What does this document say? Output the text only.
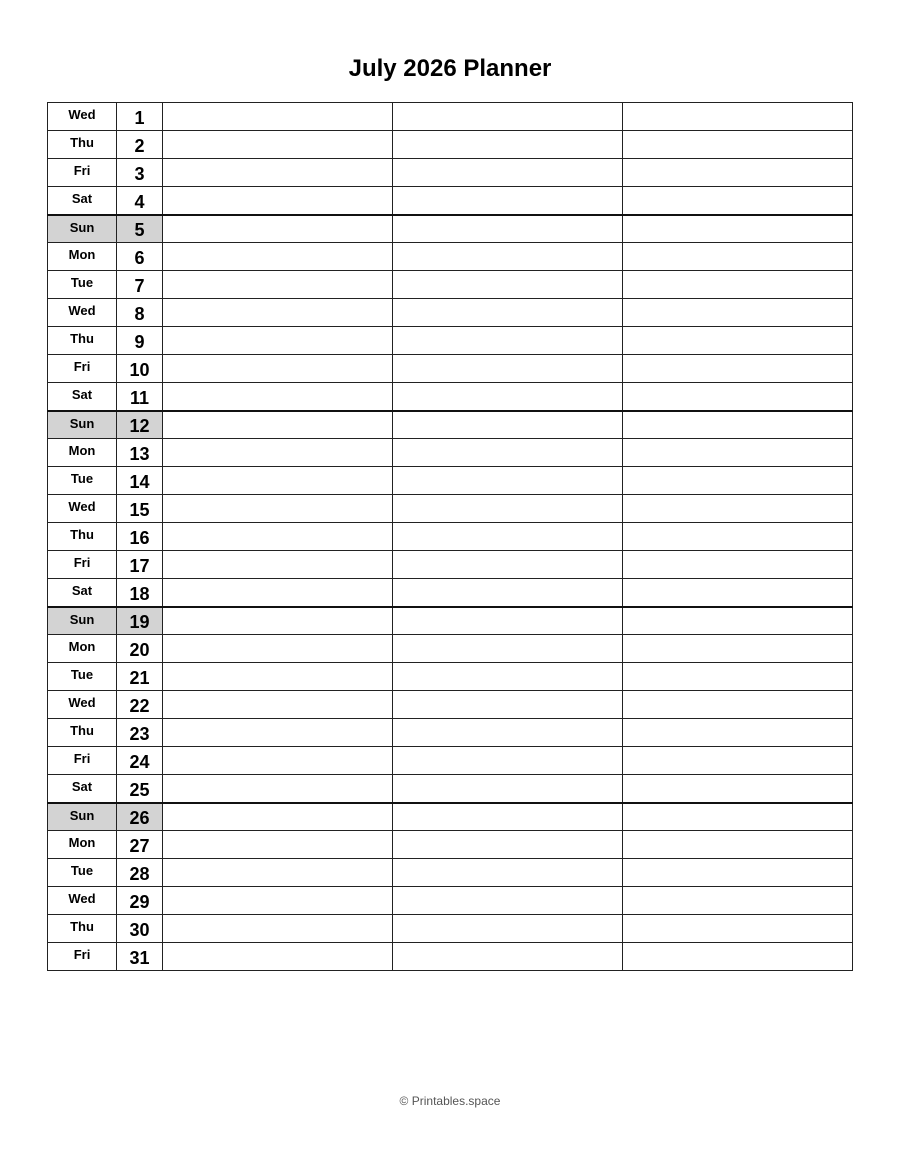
July 2026 Planner
Wed	1			
Thu	2			
Fri	3			
Sat	4			
Sun	5			
Mon	6			
Tue	7			
Wed	8			
Thu	9			
Fri	10			
Sat	11			
Sun	12			
Mon	13			
Tue	14			
Wed	15			
Thu	16			
Fri	17			
Sat	18			
Sun	19			
Mon	20			
Tue	21			
Wed	22			
Thu	23			
Fri	24			
Sat	25			
Sun	26			
Mon	27			
Tue	28			
Wed	29			
Thu	30			
Fri	31			
© Printables.space
